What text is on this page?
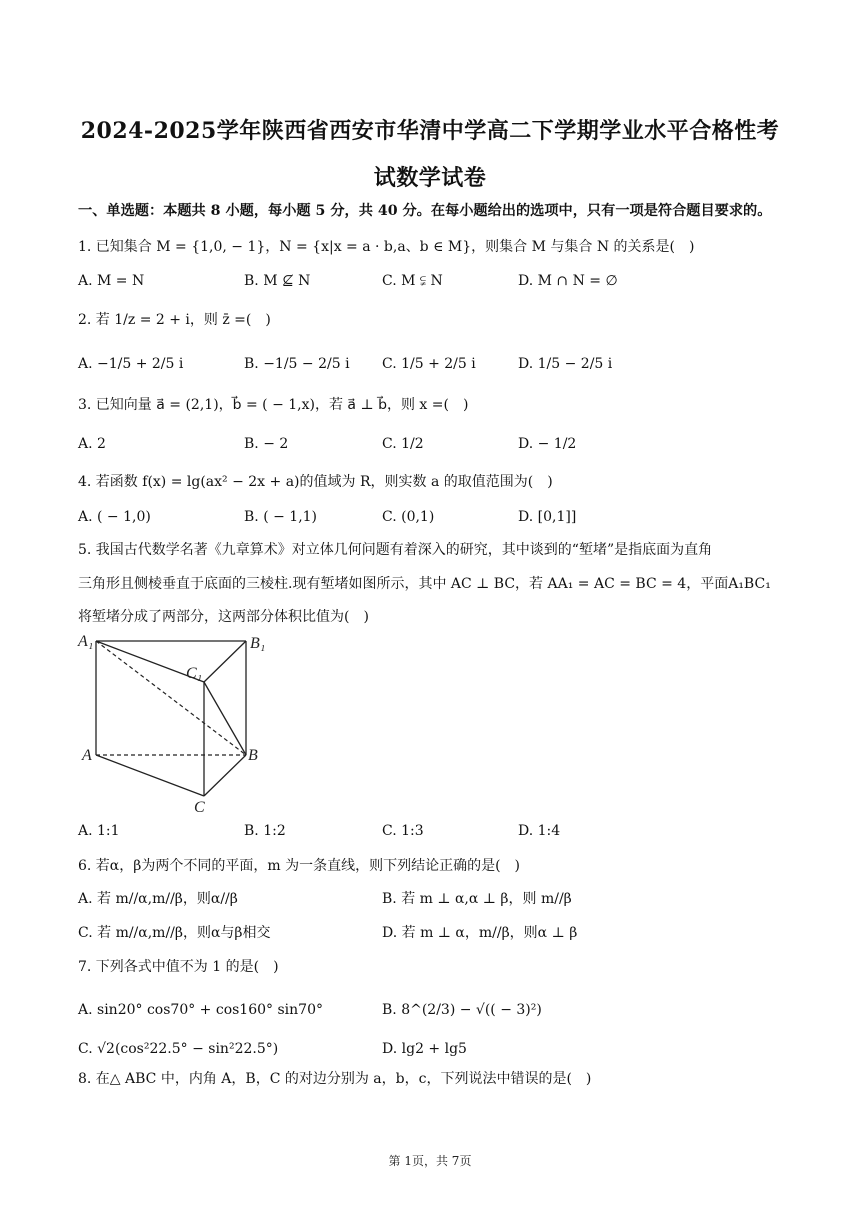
2024-2025学年陕西省西安市华清中学高二下学期学业水平合格性考
试数学试卷
一、单选题：本题共 8 小题，每小题 5 分，共 40 分。在每小题给出的选项中，只有一项是符合题目要求的。
1. 已知集合 M = {1,0, − 1}，N = {x|x = a · b,a、b ∈ M}，则集合 M 与集合 N 的关系是(　)
A. M = N	B. M ⊈ N	C. M ⫋ N	D. M ∩ N = ∅
2. 若 1/z = 2 + i，则 z̄ =(　)
A. −1/5 + 2/5 i	B. −1/5 − 2/5 i C. 1/5 + 2/5 i	D. 1/5 − 2/5 i
3. 已知向量 a⃗ = (2,1)，b⃗ = ( − 1,x)，若 a⃗ ⊥ b⃗，则 x =(　)
A. 2	B. − 2	C. 1/2	D. − 1/2
4. 若函数 f(x) = lg(ax² − 2x + a)的值域为 R，则实数 a 的取值范围为(　)
A. ( − 1,0)	B. ( − 1,1)	C. (0,1)	D. [0,1]]
5. 我国古代数学名著《九章算术》对立体几何问题有着深入的研究，其中谈到的“堑堵”是指底面为直角
三角形且侧棱垂直于底面的三棱柱.现有堑堵如图所示，其中 AC ⊥ BC，若 AA₁ = AC = BC = 4，平面A₁BC₁
将堑堵分成了两部分，这两部分体积比值为(　)
A₁	B₁
C₁
A	B
C
A. 1:1	B. 1:2	C. 1:3	D. 1:4
6. 若α，β为两个不同的平面，m 为一条直线，则下列结论正确的是(　)
A. 若 m//α,m//β，则α//β	B. 若 m ⊥ α,α ⊥ β，则 m//β
C. 若 m//α,m//β，则α与β相交	D. 若 m ⊥ α，m//β，则α ⊥ β
7. 下列各式中值不为 1 的是(　)
A. sin20° cos70° + cos160° sin70°	B. 8^(2/3) − √(( − 3)²)
C. √2(cos²22.5° − sin²22.5°)	D. lg2 + lg5
8. 在△ ABC 中，内角 A，B，C 的对边分别为 a，b，c，下列说法中错误的是(　)
第 1页，共 7页
